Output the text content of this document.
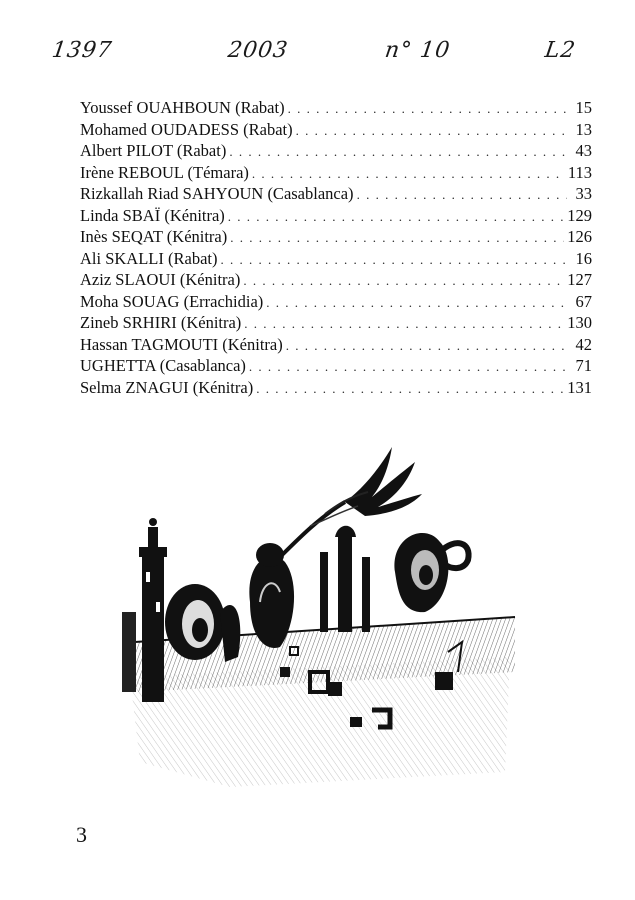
1397	2003	n° 10	L2
Youssef OUAHBOUN (Rabat) . . .	15
Mohamed OUDADESS (Rabat) . . .	13
Albert PILOT (Rabat) . . .	43
Irène REBOUL (Témara) . . .	113
Rizkallah Riad SAHYOUN (Casablanca) . . .	33
Linda SBAÏ (Kénitra) . . .	129
Inès SEQAT (Kénitra) . . .	126
Ali SKALLI (Rabat) . . .	16
Aziz SLAOUI (Kénitra) . . .	127
Moha SOUAG (Errachidia) . . .	67
Zineb SRHIRI (Kénitra) . . .	130
Hassan TAGMOUTI (Kénitra) . . .	42
UGHETTA (Casablanca) . . .	71
Selma ZNAGUI (Kénitra) . . .	131
3
